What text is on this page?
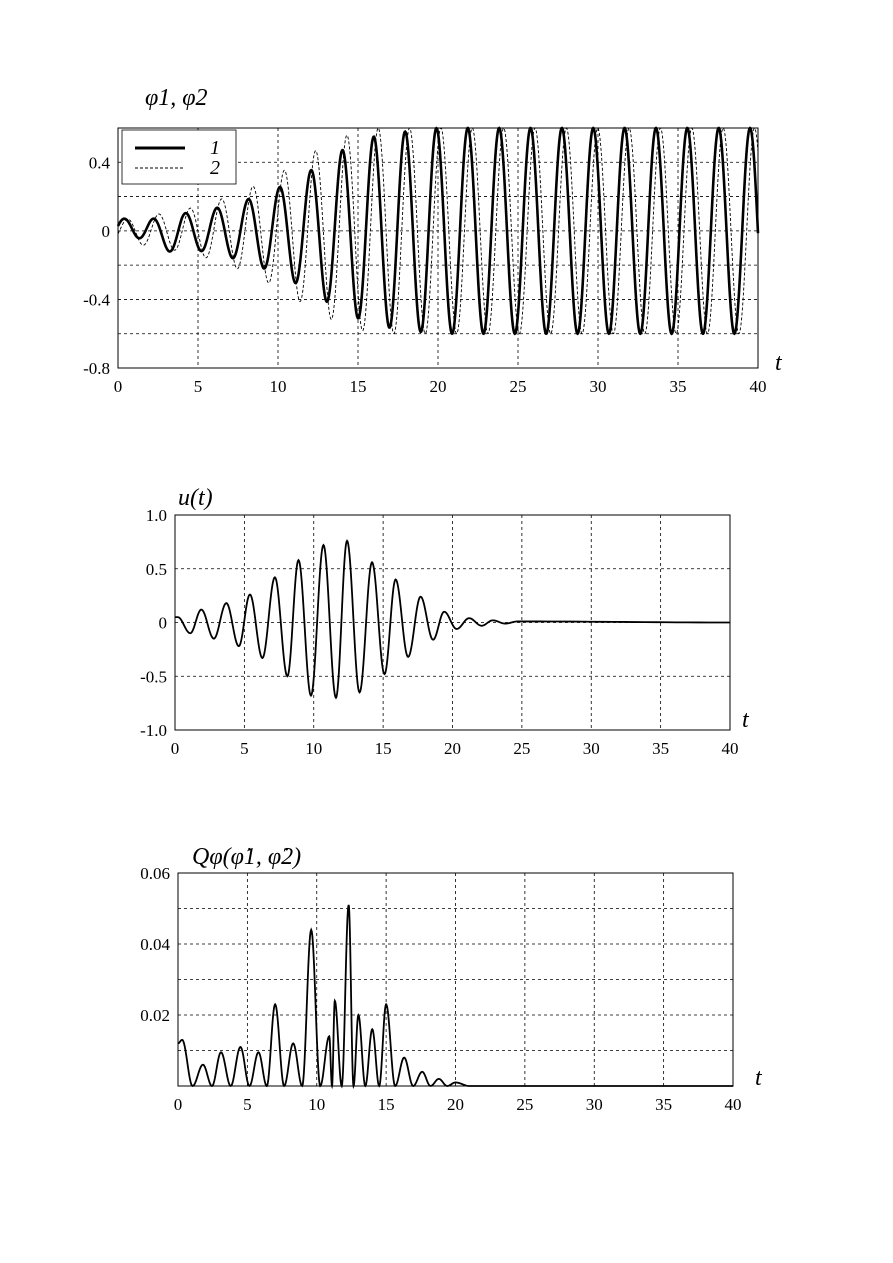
0	5	10	15	20	25	30	35	40
0.4
0
-0.4
-0.8
φ1, φ2
t
1
2
0	5	10	15	20	25	30	35	40
1.0
0.5
0
-0.5
-1.0
u(t)
t
0	5	10	15	20	25	30	35	40
0.06
0.04
0.02
Qφ(φ̇1, φ̇2)
t
